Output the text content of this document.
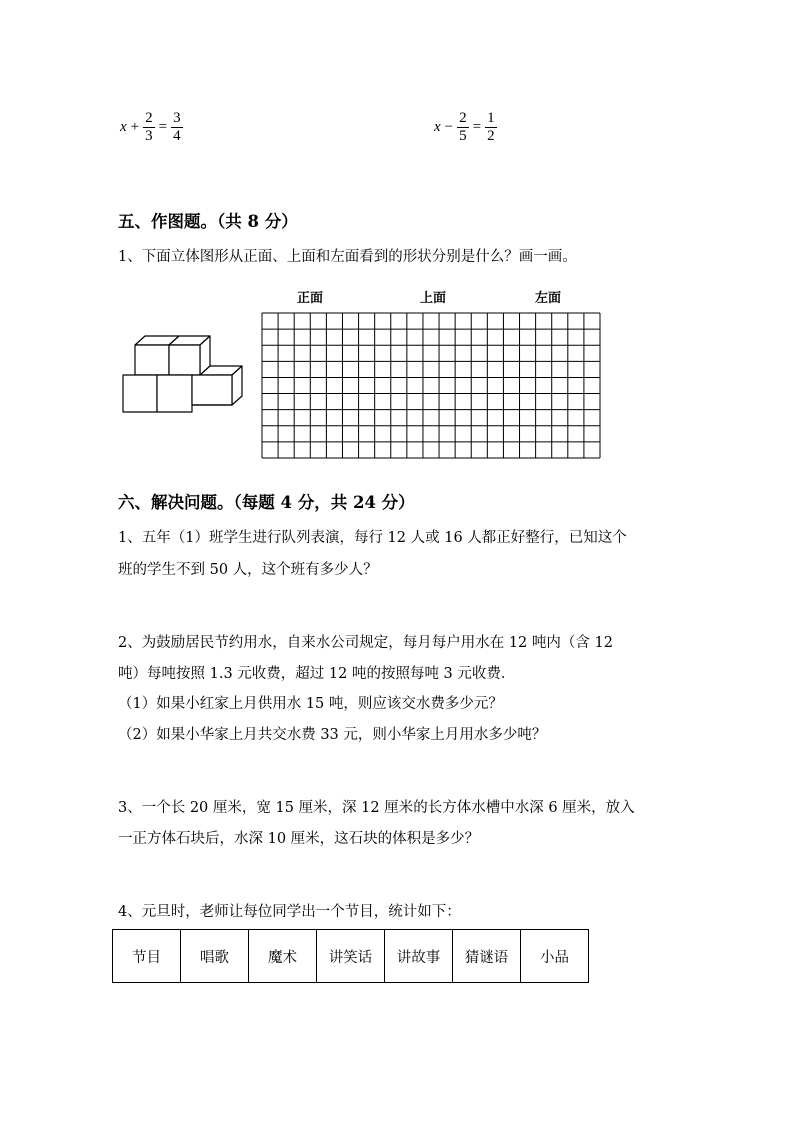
$x + \frac{2}{3} = \frac{3}{4}$	$x - \frac{2}{5} = \frac{1}{2}$
五、作图题。（共 8 分）
1、下面立体图形从正面、上面和左面看到的形状分别是什么？画一画。
正面	上面	左面
六、解决问题。（每题 4 分，共 24 分）
1、五年（1）班学生进行队列表演，每行 12 人或 16 人都正好整行，已知这个
班的学生不到 50 人，这个班有多少人？
2、为鼓励居民节约用水，自来水公司规定，每月每户用水在 12 吨内（含 12
吨）每吨按照 1.3 元收费，超过 12 吨的按照每吨 3 元收费．
（1）如果小红家上月供用水 15 吨，则应该交水费多少元？
（2）如果小华家上月共交水费 33 元，则小华家上月用水多少吨？
3、一个长 20 厘米，宽 15 厘米，深 12 厘米的长方体水槽中水深 6 厘米，放入
一正方体石块后，水深 10 厘米，这石块的体积是多少？
4、元旦时，老师让每位同学出一个节目，统计如下：
节目	唱歌	魔术	讲笑话	讲故事	猜谜语	小品
